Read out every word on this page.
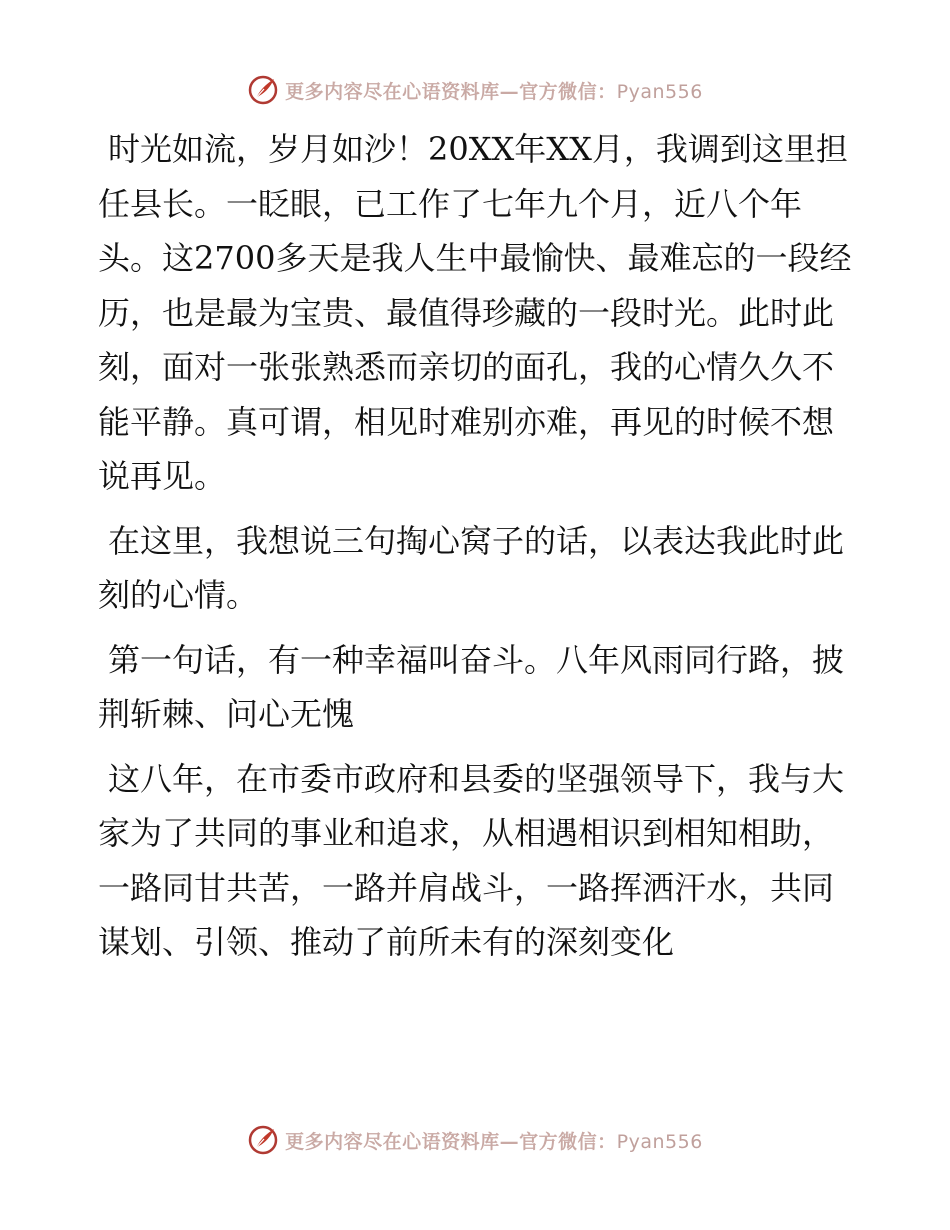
更多内容尽在心语资料库—官方微信：Pyan556

时光如流，岁月如沙！20XX年XX月，我调到这里担任县长。一眨眼，已工作了七年九个月，近八个年头。这2700多天是我人生中最愉快、最难忘的一段经历，也是最为宝贵、最值得珍藏的一段时光。此时此刻，面对一张张熟悉而亲切的面孔，我的心情久久不能平静。真可谓，相见时难别亦难，再见的时候不想说再见。

在这里，我想说三句掏心窝子的话，以表达我此时此刻的心情。

第一句话，有一种幸福叫奋斗。八年风雨同行路，披荆斩棘、问心无愧

这八年，在市委市政府和县委的坚强领导下，我与大家为了共同的事业和追求，从相遇相识到相知相助，一路同甘共苦，一路并肩战斗，一路挥洒汗水，共同谋划、引领、推动了前所未有的深刻变化

更多内容尽在心语资料库—官方微信：Pyan556
